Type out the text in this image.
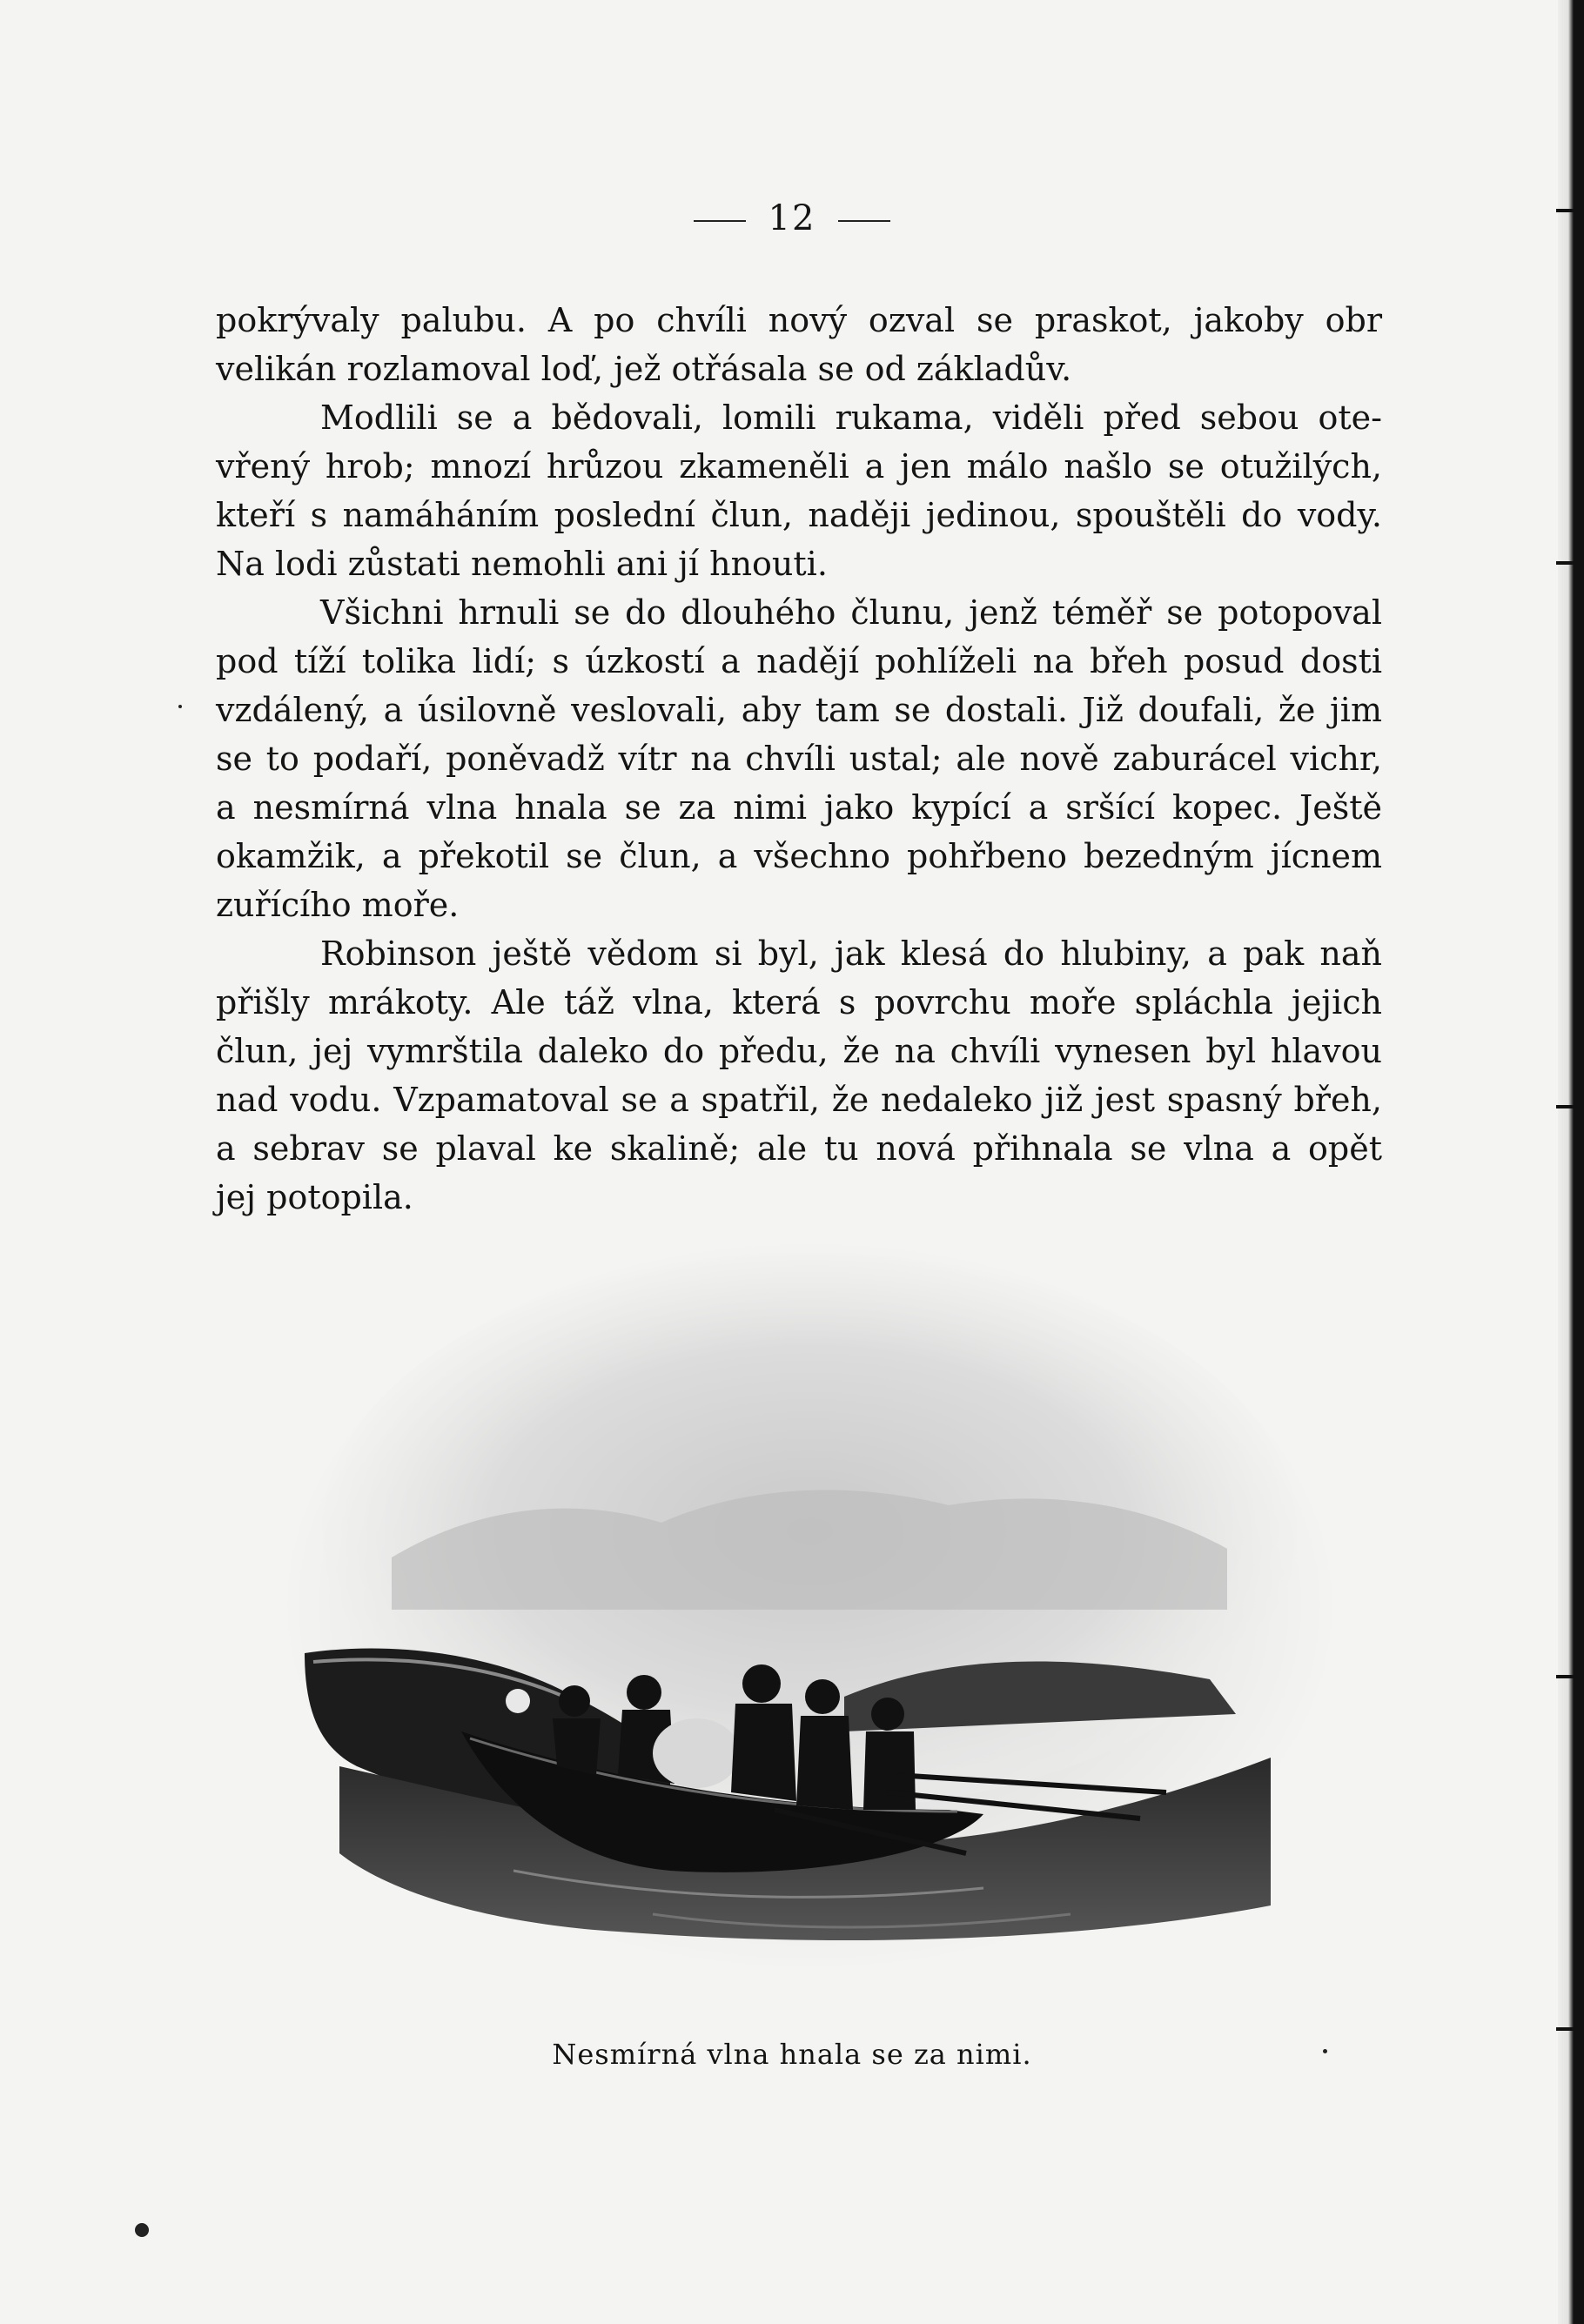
12
pokrývaly palubu. A po chvíli nový ozval se praskot, jakoby obr
velikán rozlamoval loď, jež otřásala se od základův.
Modlili se a bědovali, lomili rukama, viděli před sebou ote-
vřený hrob; mnozí hrůzou zkameněli a jen málo našlo se otužilých,
kteří s namáháním poslední člun, naději jedinou, spouštěli do vody.
Na lodi zůstati nemohli ani jí hnouti.
Všichni hrnuli se do dlouhého člunu, jenž téměř se potopoval
pod tíží tolika lidí; s úzkostí a nadějí pohlíželi na břeh posud dosti
vzdálený, a úsilovně veslovali, aby tam se dostali. Již doufali, že jim
se to podaří, poněvadž vítr na chvíli ustal; ale nově zaburácel vichr,
a nesmírná vlna hnala se za nimi jako kypící a sršící kopec. Ještě
okamžik, a překotil se člun, a všechno pohřbeno bezedným jícnem
zuřícího moře.
Robinson ještě vědom si byl, jak klesá do hlubiny, a pak naň
přišly mrákoty. Ale táž vlna, která s povrchu moře spláchla jejich
člun, jej vymrštila daleko do předu, že na chvíli vynesen byl hlavou
nad vodu. Vzpamatoval se a spatřil, že nedaleko již jest spasný břeh,
a sebrav se plaval ke skalině; ale tu nová přihnala se vlna a opět
jej potopila.
Nesmírná vlna hnala se za nimi.
